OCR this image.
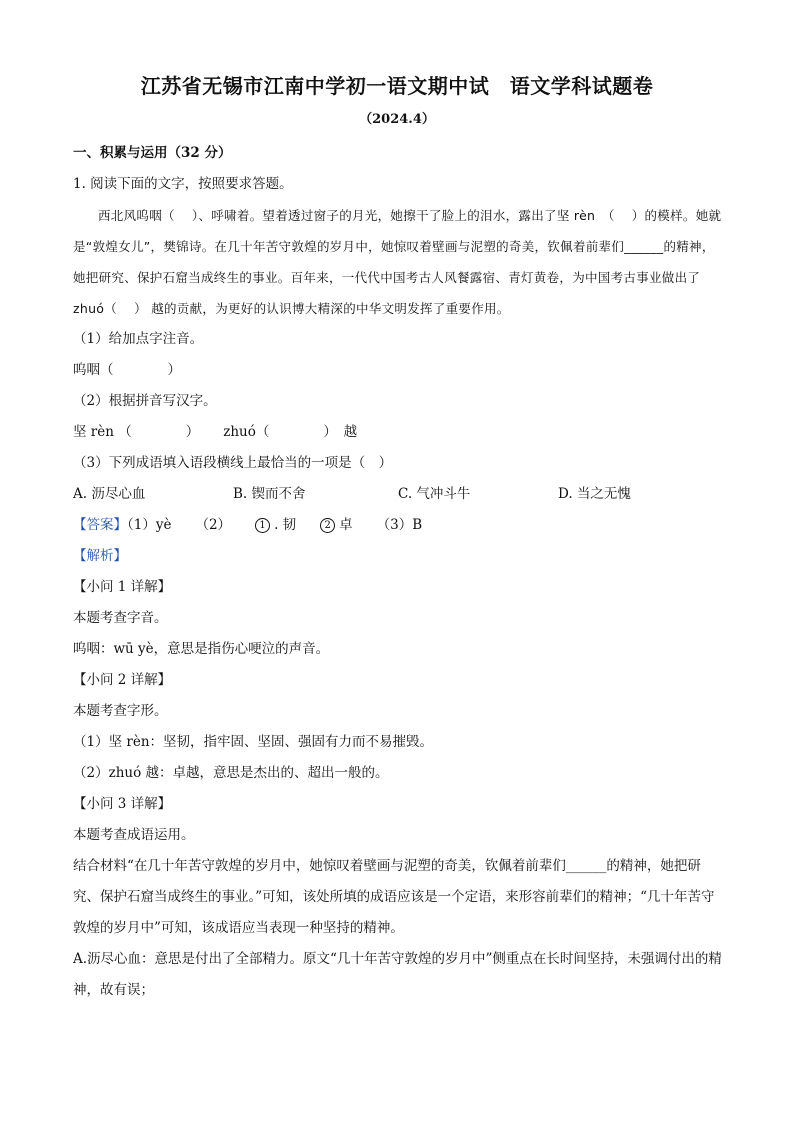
江苏省无锡市江南中学初一语文期中试　语文学科试题卷
（2024.4）
一、积累与运用（32 分）
1. 阅读下面的文字，按照要求答题。
西北风呜咽（　 ）、呼啸着。望着透过窗子的月光，她擦干了脸上的泪水，露出了坚 rèn　（　 ）的模样。她就是“敦煌女儿”，樊锦诗。在几十年苦守敦煌的岁月中，她惊叹着壁画与泥塑的奇美，钦佩着前辈们______的精神，她把研究、保护石窟当成终生的事业。百年来，一代代中国考古人风餐露宿、青灯黄卷，为中国考古事业做出了 zhuó（　 ） 越的贡献，为更好的认识博大精深的中华文明发挥了重要作用。
（1）给加点字注音。
呜咽（　　　　）
（2）根据拼音写汉字。
坚 rèn （　　　　） zhuó（　　　　）　越
（3）下列成语填入语段横线上最恰当的一项是（　）
A. 沥尽心血	B. 锲而不舍	C. 气冲斗牛	D. 当之无愧
【答案】（1）yè （2）	1 . 韧	2 卓 （3）B
【解析】
【小问 1 详解】
本题考查字音。
呜咽：wū yè，意思是指伤心哽泣的声音。
【小问 2 详解】
本题考查字形。
（1）坚 rèn：坚韧，指牢固、坚固、强固有力而不易摧毁。
（2）zhuó 越：卓越，意思是杰出的、超出一般的。
【小问 3 详解】
本题考查成语运用。
结合材料“在几十年苦守敦煌的岁月中，她惊叹着壁画与泥塑的奇美，钦佩着前辈们______的精神，她把研究、保护石窟当成终生的事业。”可知，该处所填的成语应该是一个定语，来形容前辈们的精神；“几十年苦守敦煌的岁月中”可知，该成语应当表现一种坚持的精神。
A.沥尽心血：意思是付出了全部精力。原文“几十年苦守敦煌的岁月中”侧重点在长时间坚持，未强调付出的精神，故有误；
